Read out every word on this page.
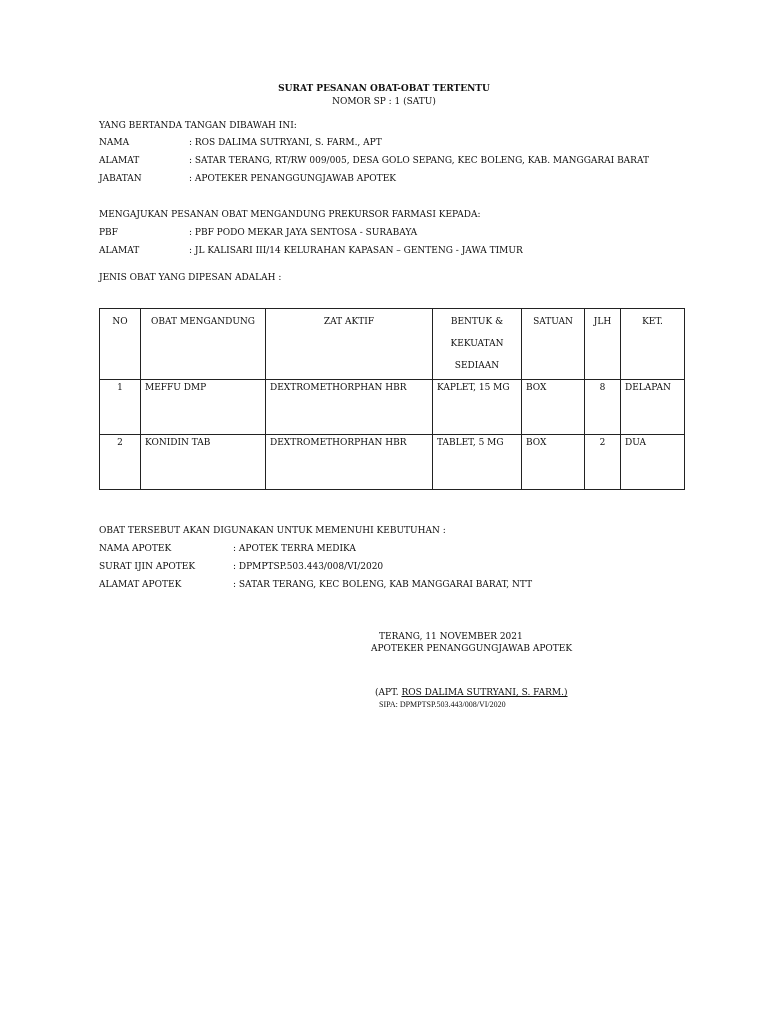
SURAT PESANAN OBAT-OBAT TERTENTU
NOMOR SP : 1 (SATU)
YANG BERTANDA TANGAN DIBAWAH INI:
NAMA	: ROS DALIMA SUTRYANI, S. FARM., APT
ALAMAT	: SATAR TERANG, RT/RW 009/005, DESA GOLO SEPANG, KEC BOLENG, KAB. MANGGARAI BARAT
JABATAN	: APOTEKER PENANGGUNGJAWAB APOTEK
MENGAJUKAN PESANAN OBAT MENGANDUNG PREKURSOR FARMASI KEPADA:
PBF	: PBF PODO MEKAR JAYA SENTOSA - SURABAYA
ALAMAT	: JL KALISARI III/14 KELURAHAN KAPASAN – GENTENG - JAWA TIMUR
JENIS OBAT YANG DIPESAN ADALAH :
NO	OBAT MENGANDUNG	ZAT AKTIF	BENTUK &
KEKUATAN
SEDIAAN	SATUAN	JLH	KET.
1	MEFFU DMP	DEXTROMETHORPHAN HBR	KAPLET, 15 MG	BOX	8	DELAPAN
2	KONIDIN TAB	DEXTROMETHORPHAN HBR	TABLET, 5 MG	BOX	2	DUA
OBAT TERSEBUT AKAN DIGUNAKAN UNTUK MEMENUHI KEBUTUHAN :
NAMA APOTEK	: APOTEK TERRA MEDIKA
SURAT IJIN APOTEK	: DPMPTSP.503.443/008/VI/2020
ALAMAT APOTEK	: SATAR TERANG, KEC BOLENG, KAB MANGGARAI BARAT, NTT
TERANG, 11 NOVEMBER 2021
APOTEKER PENANGGUNGJAWAB APOTEK
(APT. ROS DALIMA SUTRYANI, S. FARM.)
SIPA: DPMPTSP.503.443/008/VI/2020
